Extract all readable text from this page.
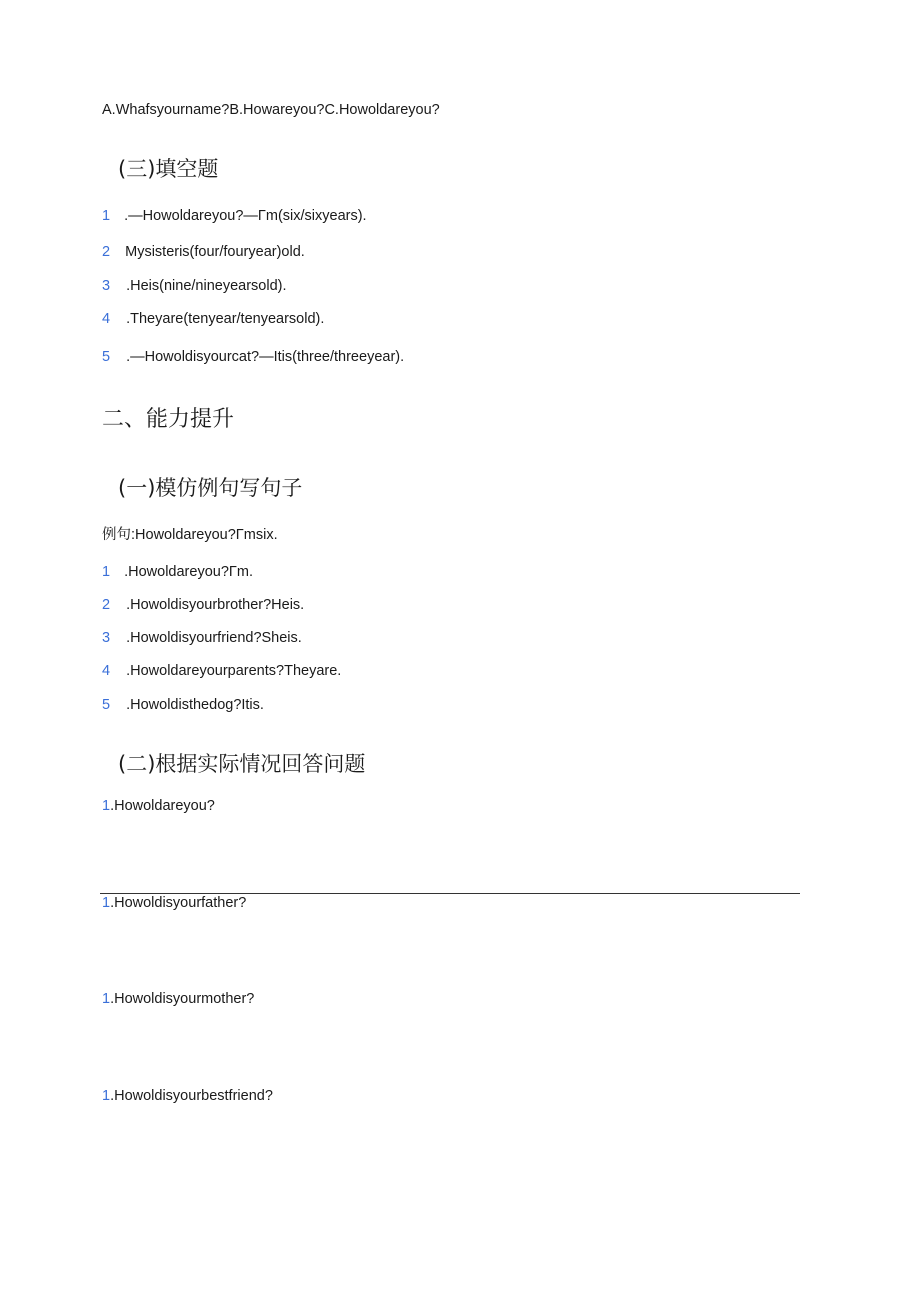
A.Whafsyourname?B.Howareyou?C.Howoldareyou?
(三)填空题
1 .—Howoldareyou?—Γm(six/sixyears).
2 Mysisteris(four/fouryear)old.
3 .Heis(nine/nineyearsold).
4 .Theyare(tenyear/tenyearsold).
5 .—Howoldisyourcat?—Itis(three/threeyear).
二、能力提升
(一)模仿例句写句子
例句:Howoldareyou?Γmsix.
1 .Howoldareyou?Γm.
2 .Howoldisyourbrother?Heis.
3 .Howoldisyourfriend?Sheis.
4 .Howoldareyourparents?Theyare.
5 .Howoldisthedog?Itis.
(二)根据实际情况回答问题
1.Howoldareyou?
1.Howoldisyourfather?
1.Howoldisyourmother?
1.Howoldisyourbestfriend?
